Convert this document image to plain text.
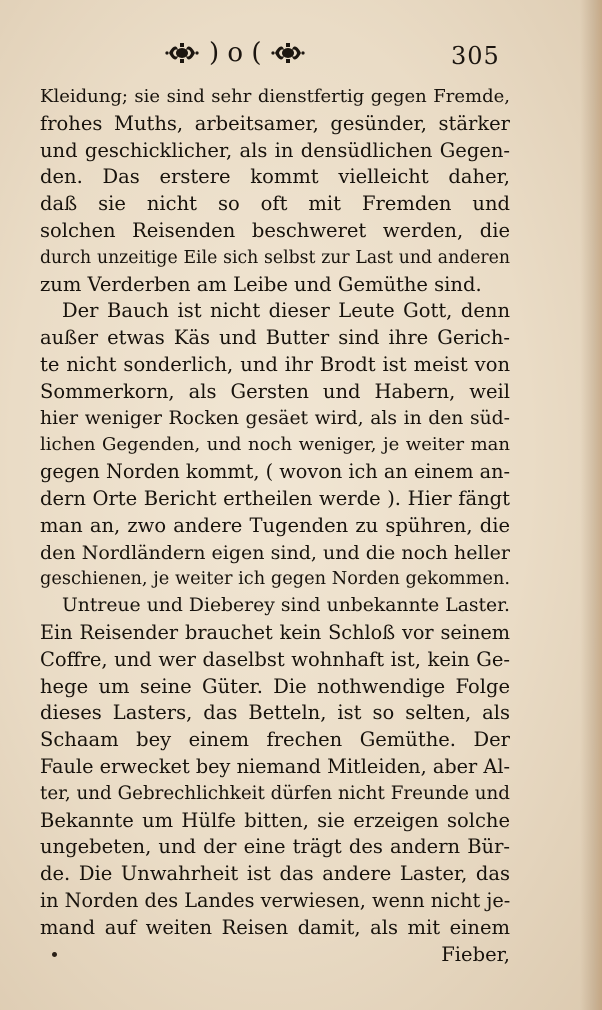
) o (	305
Kleidung; sie sind sehr dienstfertig gegen Fremde,
frohes Muths, arbeitsamer, gesünder, stärker
und geschicklicher, als in densüdlichen Gegen-
den. Das erstere kommt vielleicht daher,
daß sie nicht so oft mit Fremden und
solchen Reisenden beschweret werden, die
durch unzeitige Eile sich selbst zur Last und anderen
zum Verderben am Leibe und Gemüthe sind.
Der Bauch ist nicht dieser Leute Gott, denn
außer etwas Käs und Butter sind ihre Gerich-
te nicht sonderlich, und ihr Brodt ist meist von
Sommerkorn, als Gersten und Habern, weil
hier weniger Rocken gesäet wird, als in den süd-
lichen Gegenden, und noch weniger, je weiter man
gegen Norden kommt, ( wovon ich an einem an-
dern Orte Bericht ertheilen werde ). Hier fängt
man an, zwo andere Tugenden zu spühren, die
den Nordländern eigen sind, und die noch heller
geschienen, je weiter ich gegen Norden gekommen.
Untreue und Dieberey sind unbekannte Laster.
Ein Reisender brauchet kein Schloß vor seinem
Coffre, und wer daselbst wohnhaft ist, kein Ge-
hege um seine Güter. Die nothwendige Folge
dieses Lasters, das Betteln, ist so selten, als
Schaam bey einem frechen Gemüthe. Der
Faule erwecket bey niemand Mitleiden, aber Al-
ter, und Gebrechlichkeit dürfen nicht Freunde und
Bekannte um Hülfe bitten, sie erzeigen solche
ungebeten, und der eine trägt des andern Bür-
de. Die Unwahrheit ist das andere Laster, das
in Norden des Landes verwiesen, wenn nicht je-
mand auf weiten Reisen damit, als mit einem
Fieber,
